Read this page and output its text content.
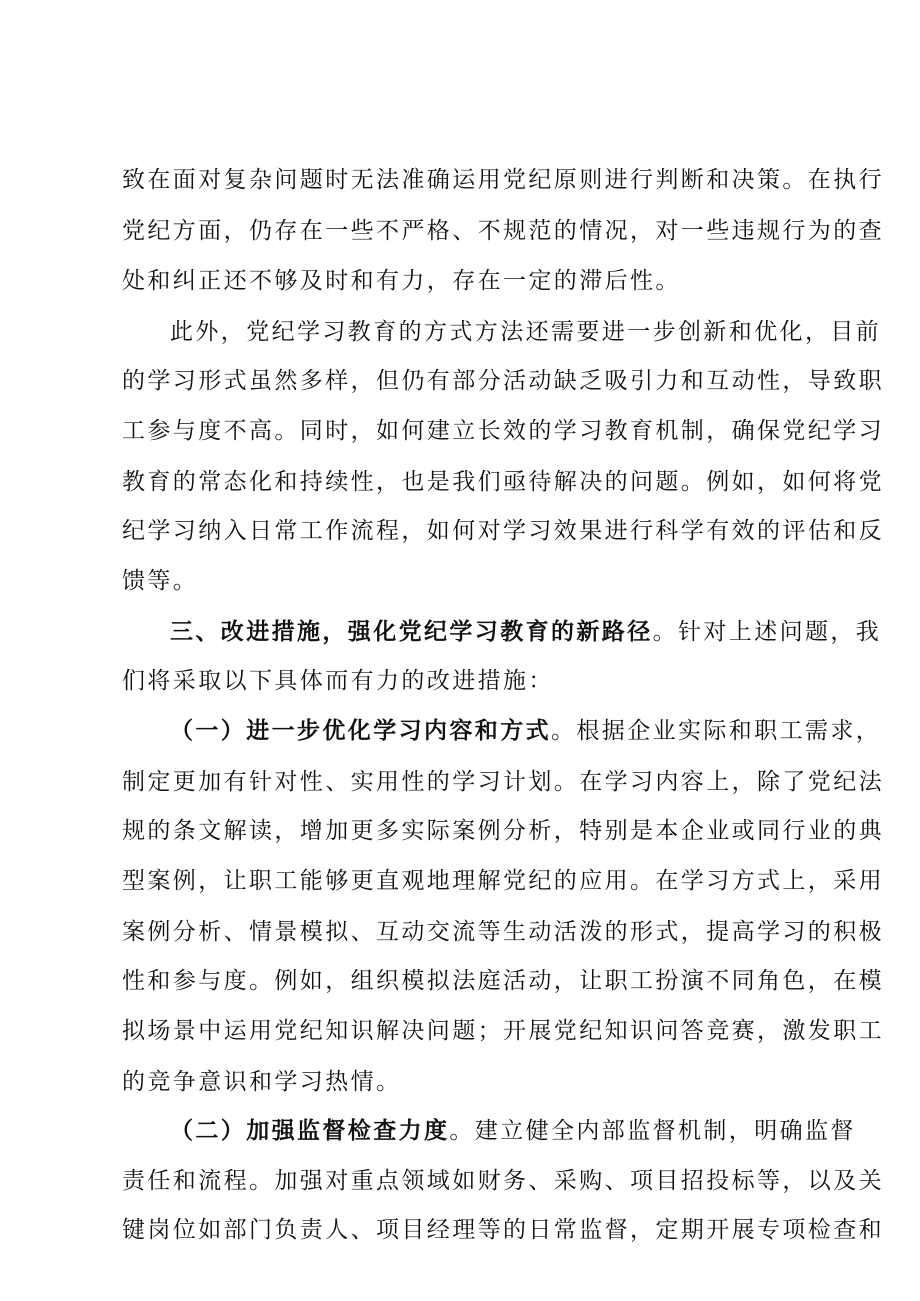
致在面对复杂问题时无法准确运用党纪原则进行判断和决策。在执行
党纪方面，仍存在一些不严格、不规范的情况，对一些违规行为的查
处和纠正还不够及时和有力，存在一定的滞后性。
此外，党纪学习教育的方式方法还需要进一步创新和优化，目前
的学习形式虽然多样，但仍有部分活动缺乏吸引力和互动性，导致职
工参与度不高。同时，如何建立长效的学习教育机制，确保党纪学习
教育的常态化和持续性，也是我们亟待解决的问题。例如，如何将党
纪学习纳入日常工作流程，如何对学习效果进行科学有效的评估和反
馈等。
三、改进措施，强化党纪学习教育的新路径。针对上述问题，我
们将采取以下具体而有力的改进措施：
（一）进一步优化学习内容和方式。根据企业实际和职工需求，
制定更加有针对性、实用性的学习计划。在学习内容上，除了党纪法
规的条文解读，增加更多实际案例分析，特别是本企业或同行业的典
型案例，让职工能够更直观地理解党纪的应用。在学习方式上，采用
案例分析、情景模拟、互动交流等生动活泼的形式，提高学习的积极
性和参与度。例如，组织模拟法庭活动，让职工扮演不同角色，在模
拟场景中运用党纪知识解决问题；开展党纪知识问答竞赛，激发职工
的竞争意识和学习热情。
（二）加强监督检查力度。建立健全内部监督机制，明确监督
责任和流程。加强对重点领域如财务、采购、项目招投标等，以及关
键岗位如部门负责人、项目经理等的日常监督，定期开展专项检查和
